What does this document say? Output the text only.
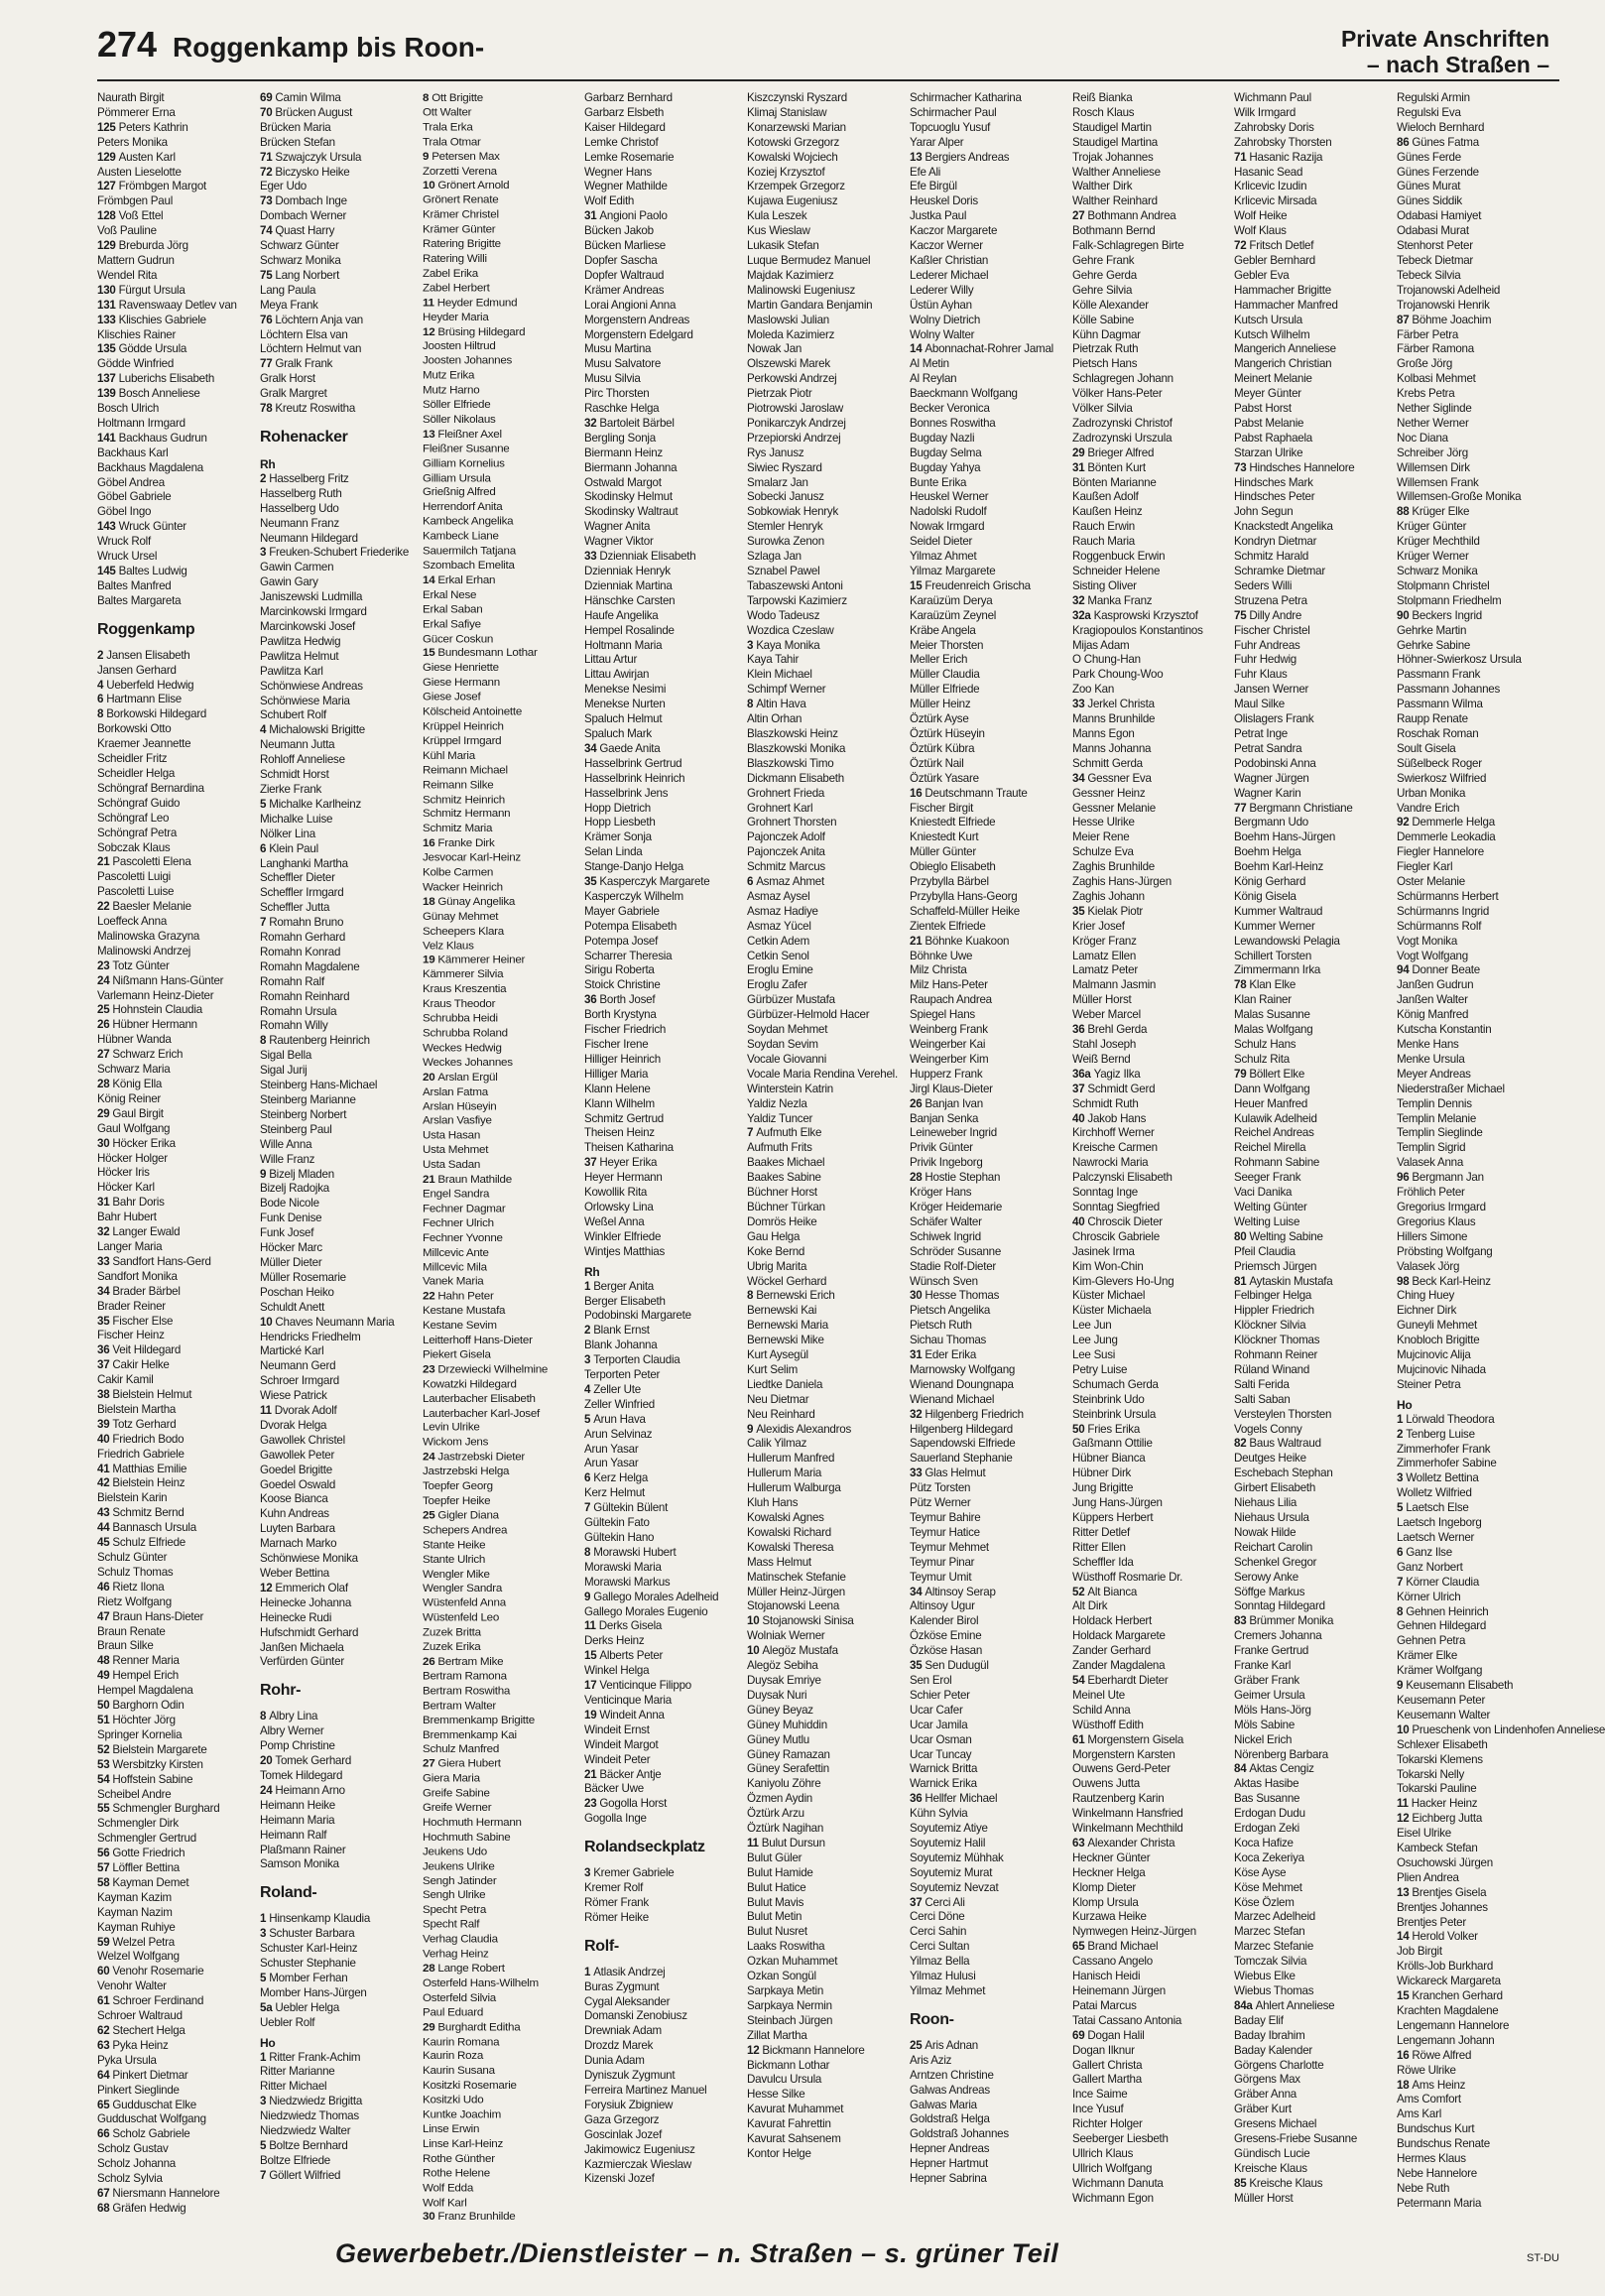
274 Roggenkamp bis Roon-	Private Anschriften
– nach Straßen –
Naurath Birgit
Pömmerer Erna
125 Peters Kathrin
Peters Monika
129 Austen Karl
Austen Lieselotte
127 Frömbgen Margot
Frömbgen Paul
128 Voß Ettel
Voß Pauline
129 Breburda Jörg
Mattern Gudrun
Wendel Rita
130 Fürgut Ursula
131 Ravenswaay Detlev van
133 Klischies Gabriele
Klischies Rainer
135 Gödde Ursula
Gödde Winfried
137 Luberichs Elisabeth
139 Bosch Anneliese
Bosch Ulrich
Holtmann Irmgard
141 Backhaus Gudrun
Backhaus Karl
Backhaus Magdalena
Göbel Andrea
Göbel Gabriele
Göbel Ingo
143 Wruck Günter
Wruck Rolf
Wruck Ursel
145 Baltes Ludwig
Baltes Manfred
Baltes Margareta
Roggenkamp
2 Jansen Elisabeth
Jansen Gerhard
4 Ueberfeld Hedwig
6 Hartmann Elise
8 Borkowski Hildegard
Borkowski Otto
Kraemer Jeannette
Scheidler Fritz
Scheidler Helga
Schöngraf Bernardina
Schöngraf Guido
Schöngraf Leo
Schöngraf Petra
Sobczak Klaus
21 Pascoletti Elena
Pascoletti Luigi
Pascoletti Luise
22 Baesler Melanie
Loeffeck Anna
Malinowska Grazyna
Malinowski Andrzej
23 Totz Günter
24 Nißmann Hans-Günter
Varlemann Heinz-Dieter
25 Hohnstein Claudia
26 Hübner Hermann
Hübner Wanda
27 Schwarz Erich
Schwarz Maria
28 König Ella
König Reiner
29 Gaul Birgit
Gaul Wolfgang
30 Höcker Erika
Höcker Holger
Höcker Iris
Höcker Karl
31 Bahr Doris
Bahr Hubert
32 Langer Ewald
Langer Maria
33 Sandfort Hans-Gerd
Sandfort Monika
34 Brader Bärbel
Brader Reiner
35 Fischer Else
Fischer Heinz
36 Veit Hildegard
37 Cakir Helke
Cakir Kamil
38 Bielstein Helmut
Bielstein Martha
39 Totz Gerhard
40 Friedrich Bodo
Friedrich Gabriele
41 Matthias Emilie
42 Bielstein Heinz
Bielstein Karin
43 Schmitz Bernd
44 Bannasch Ursula
45 Schulz Elfriede
Schulz Günter
Schulz Thomas
46 Rietz Ilona
Rietz Wolfgang
47 Braun Hans-Dieter
Braun Renate
Braun Silke
48 Renner Maria
49 Hempel Erich
Hempel Magdalena
50 Barghorn Odin
51 Höchter Jörg
Springer Kornelia
52 Bielstein Margarete
53 Wersbitzky Kirsten
54 Hoffstein Sabine
Scheibel Andre
55 Schmengler Burghard
Schmengler Dirk
Schmengler Gertrud
56 Gotte Friedrich
57 Löffler Bettina
58 Kayman Demet
Kayman Kazim
Kayman Nazim
Kayman Ruhiye
59 Welzel Petra
Welzel Wolfgang
60 Venohr Rosemarie
Venohr Walter
61 Schroer Ferdinand
Schroer Waltraud
62 Stechert Helga
63 Pyka Heinz
Pyka Ursula
64 Pinkert Dietmar
Pinkert Sieglinde
65 Gudduschat Elke
Gudduschat Wolfgang
66 Scholz Gabriele
Scholz Gustav
Scholz Johanna
Scholz Sylvia
67 Niersmann Hannelore
68 Gräfen Hedwig
69 Camin Wilma
70 Brücken August
Brücken Maria
Brücken Stefan
71 Szwajczyk Ursula
72 Biczysko Heike
Eger Udo
73 Dombach Inge
Dombach Werner
74 Quast Harry
Schwarz Günter
Schwarz Monika
75 Lang Norbert
Lang Paula
Meya Frank
76 Löchtern Anja van
Löchtern Elsa van
Löchtern Helmut van
77 Gralk Frank
Gralk Horst
Gralk Margret
78 Kreutz Roswitha
Rohenacker
Rh
2 Hasselberg Fritz
Hasselberg Ruth
Hasselberg Udo
Neumann Franz
Neumann Hildegard
3 Freuken-Schubert Friederike
Gawin Carmen
Gawin Gary
Janiszewski Ludmilla
Marcinkowski Irmgard
Marcinkowski Josef
Pawlitza Hedwig
Pawlitza Helmut
Pawlitza Karl
Schönwiese Andreas
Schönwiese Maria
Schubert Rolf
4 Michalowski Brigitte
Neumann Jutta
Rohloff Anneliese
Schmidt Horst
Zierke Frank
5 Michalke Karlheinz
Michalke Luise
Nölker Lina
6 Klein Paul
Langhanki Martha
Scheffler Dieter
Scheffler Irmgard
Scheffler Jutta
7 Romahn Bruno
Romahn Gerhard
Romahn Konrad
Romahn Magdalene
Romahn Ralf
Romahn Reinhard
Romahn Ursula
Romahn Willy
8 Rautenberg Heinrich
Sigal Bella
Sigal Jurij
Steinberg Hans-Michael
Steinberg Marianne
Steinberg Norbert
Steinberg Paul
Wille Anna
Wille Franz
9 Bizelj Mladen
Bizelj Radojka
Bode Nicole
Funk Denise
Funk Josef
Höcker Marc
Müller Dieter
Müller Rosemarie
Poschan Heiko
Schuldt Anett
10 Chaves Neumann Maria
Hendricks Friedhelm
Martické Karl
Neumann Gerd
Schroer Irmgard
Wiese Patrick
11 Dvorak Adolf
Dvorak Helga
Gawollek Christel
Gawollek Peter
Goedel Brigitte
Goedel Oswald
Koose Bianca
Kuhn Andreas
Luyten Barbara
Marnach Marko
Schönwiese Monika
Weber Bettina
12 Emmerich Olaf
Heinecke Johanna
Heinecke Rudi
Hufschmidt Gerhard
Janßen Michaela
Verfürden Günter
Rohr-
8 Albry Lina
Albry Werner
Pomp Christine
20 Tomek Gerhard
Tomek Hildegard
24 Heimann Arno
Heimann Heike
Heimann Maria
Heimann Ralf
Plaßmann Rainer
Samson Monika
Roland-
1 Hinsenkamp Klaudia
3 Schuster Barbara
Schuster Karl-Heinz
Schuster Stephanie
5 Momber Ferhan
Momber Hans-Jürgen
5a Uebler Helga
Uebler Rolf
Ho
1 Ritter Frank-Achim
Ritter Marianne
Ritter Michael
3 Niedzwiedz Brigitta
Niedzwiedz Thomas
Niedzwiedz Walter
5 Boltze Bernhard
Boltze Elfriede
7 Göllert Wilfried
8 Ott Brigitte
Ott Walter
Trala Erka
Trala Otmar
9 Petersen Max
Zorzetti Verena
10 Grönert Arnold
Grönert Renate
Krämer Christel
Krämer Günter
Ratering Brigitte
Ratering Willi
Zabel Erika
Zabel Herbert
11 Heyder Edmund
Heyder Maria
12 Brüsing Hildegard
Joosten Hiltrud
Joosten Johannes
Mutz Erika
Mutz Harno
Söller Elfriede
Söller Nikolaus
13 Fleißner Axel
Fleißner Susanne
Gilliam Kornelius
Gilliam Ursula
Grießnig Alfred
Herrendorf Anita
Kambeck Angelika
Kambeck Liane
Sauermilch Tatjana
Szombach Emelita
14 Erkal Erhan
Erkal Nese
Erkal Saban
Erkal Safiye
Gücer Coskun
15 Bundesmann Lothar
Giese Henriette
Giese Hermann
Giese Josef
Kölscheid Antoinette
Krüppel Heinrich
Krüppel Irmgard
Kühl Maria
Reimann Michael
Reimann Silke
Schmitz Heinrich
Schmitz Hermann
Schmitz Maria
16 Franke Dirk
Jesvocar Karl-Heinz
Kolbe Carmen
Wacker Heinrich
18 Günay Angelika
Günay Mehmet
Scheepers Klara
Velz Klaus
19 Kämmerer Heiner
Kämmerer Silvia
Kraus Kreszentia
Kraus Theodor
Schrubba Heidi
Schrubba Roland
Weckes Hedwig
Weckes Johannes
20 Arslan Ergül
Arslan Fatma
Arslan Hüseyin
Arslan Vasfiye
Usta Hasan
Usta Mehmet
Usta Sadan
21 Braun Mathilde
Engel Sandra
Fechner Dagmar
Fechner Ulrich
Fechner Yvonne
Millcevic Ante
Millcevic Mila
Vanek Maria
22 Hahn Peter
Kestane Mustafa
Kestane Sevim
Leitterhoff Hans-Dieter
Piekert Gisela
23 Drzewiecki Wilhelmine
Kowatzki Hildegard
Lauterbacher Elisabeth
Lauterbacher Karl-Josef
Levin Ulrike
Wickom Jens
24 Jastrzebski Dieter
Jastrzebski Helga
Toepfer Georg
Toepfer Heike
25 Gigler Diana
Schepers Andrea
Stante Heike
Stante Ulrich
Wengler Mike
Wengler Sandra
Wüstenfeld Anna
Wüstenfeld Leo
Zuzek Britta
Zuzek Erika
26 Bertram Mike
Bertram Ramona
Bertram Roswitha
Bertram Walter
Bremmenkamp Brigitte
Bremmenkamp Kai
Schulz Manfred
27 Giera Hubert
Giera Maria
Greife Sabine
Greife Werner
Hochmuth Hermann
Hochmuth Sabine
Jeukens Udo
Jeukens Ulrike
Sengh Jatinder
Sengh Ulrike
Specht Petra
Specht Ralf
Verhag Claudia
Verhag Heinz
28 Lange Robert
Osterfeld Hans-Wilhelm
Osterfeld Silvia
Paul Eduard
29 Burghardt Editha
Kaurin Romana
Kaurin Roza
Kaurin Susana
Kositzki Rosemarie
Kositzki Udo
Kuntke Joachim
Linse Erwin
Linse Karl-Heinz
Rothe Günther
Rothe Helene
Wolf Edda
Wolf Karl
30 Franz Brunhilde
Garbarz Bernhard
Garbarz Elsbeth
Kaiser Hildegard
Lemke Christof
Lemke Rosemarie
Wegner Hans
Wegner Mathilde
Wolf Edith
31 Angioni Paolo
Bücken Jakob
Bücken Marliese
Dopfer Sascha
Dopfer Waltraud
Krämer Andreas
Lorai Angioni Anna
Morgenstern Andreas
Morgenstern Edelgard
Musu Martina
Musu Salvatore
Musu Silvia
Pirc Thorsten
Raschke Helga
32 Bartoleit Bärbel
Bergling Sonja
Biermann Heinz
Biermann Johanna
Ostwald Margot
Skodinsky Helmut
Skodinsky Waltraut
Wagner Anita
Wagner Viktor
33 Dzienniak Elisabeth
Dzienniak Henryk
Dzienniak Martina
Hänschke Carsten
Haufe Angelika
Hempel Rosalinde
Holtmann Maria
Littau Artur
Littau Awirjan
Menekse Nesimi
Menekse Nurten
Spaluch Helmut
Spaluch Mark
34 Gaede Anita
Hasselbrink Gertrud
Hasselbrink Heinrich
Hasselbrink Jens
Hopp Dietrich
Hopp Liesbeth
Krämer Sonja
Selan Linda
Stange-Danjo Helga
35 Kasperczyk Margarete
Kasperczyk Wilhelm
Mayer Gabriele
Potempa Elisabeth
Potempa Josef
Scharrer Theresia
Sirigu Roberta
Stoick Christine
36 Borth Josef
Borth Krystyna
Fischer Friedrich
Fischer Irene
Hilliger Heinrich
Hilliger Maria
Klann Helene
Klann Wilhelm
Schmitz Gertrud
Theisen Heinz
Theisen Katharina
37 Heyer Erika
Heyer Hermann
Kowollik Rita
Orlowsky Lina
Weßel Anna
Winkler Elfriede
Wintjes Matthias
Rh
1 Berger Anita
Berger Elisabeth
Podobinski Margarete
2 Blank Ernst
Blank Johanna
3 Terporten Claudia
Terporten Peter
4 Zeller Ute
Zeller Winfried
5 Arun Hava
Arun Selvinaz
Arun Yasar
Arun Yasar
6 Kerz Helga
Kerz Helmut
7 Gültekin Bülent
Gültekin Fato
Gültekin Hano
8 Morawski Hubert
Morawski Maria
Morawski Markus
9 Gallego Morales Adelheid
Gallego Morales Eugenio
11 Derks Gisela
Derks Heinz
15 Alberts Peter
Winkel Helga
17 Venticinque Filippo
Venticinque Maria
19 Windeit Anna
Windeit Ernst
Windeit Margot
Windeit Peter
21 Bäcker Antje
Bäcker Uwe
23 Gogolla Horst
Gogolla Inge
Rolandseckplatz
3 Kremer Gabriele
Kremer Rolf
Römer Frank
Römer Heike
Rolf-
1 Atlasik Andrzej
Buras Zygmunt
Cygal Aleksander
Domanski Zenobiusz
Drewniak Adam
Drozdz Marek
Dunia Adam
Dyniszuk Zygmunt
Ferreira Martinez Manuel
Forysiuk Zbigniew
Gaza Grzegorz
Goscinlak Jozef
Jakimowicz Eugeniusz
Kazmierczak Wieslaw
Kizenski Jozef
Kiszczynski Ryszard
Klimaj Stanislaw
Konarzewski Marian
Kotowski Grzegorz
Kowalski Wojciech
Koziej Krzysztof
Krzempek Grzegorz
Kujawa Eugeniusz
Kula Leszek
Kus Wieslaw
Lukasik Stefan
Luque Bermudez Manuel
Majdak Kazimierz
Malinowski Eugeniusz
Martin Gandara Benjamin
Maslowski Julian
Moleda Kazimierz
Nowak Jan
Olszewski Marek
Perkowski Andrzej
Pietrzak Piotr
Piotrowski Jaroslaw
Ponikarczyk Andrzej
Przepiorski Andrzej
Rys Janusz
Siwiec Ryszard
Smalarz Jan
Sobecki Janusz
Sobkowiak Henryk
Stemler Henryk
Surowka Zenon
Szlaga Jan
Sznabel Pawel
Tabaszewski Antoni
Tarpowski Kazimierz
Wodo Tadeusz
Wozdica Czeslaw
3 Kaya Monika
Kaya Tahir
Klein Michael
Schimpf Werner
8 Altin Hava
Altin Orhan
Blaszkowski Heinz
Blaszkowski Monika
Blaszkowski Timo
Dickmann Elisabeth
Grohnert Frieda
Grohnert Karl
Grohnert Thorsten
Pajonczek Adolf
Pajonczek Anita
Schmitz Marcus
6 Asmaz Ahmet
Asmaz Aysel
Asmaz Hadiye
Asmaz Yücel
Cetkin Adem
Cetkin Senol
Eroglu Emine
Eroglu Zafer
Gürbüzer Mustafa
Gürbüzer-Helmold Hacer
Soydan Mehmet
Soydan Sevim
Vocale Giovanni
Vocale Maria Rendina Verehel.
Winterstein Katrin
Yaldiz Nezla
Yaldiz Tuncer
7 Aufmuth Elke
Aufmuth Frits
Baakes Michael
Baakes Sabine
Büchner Horst
Büchner Türkan
Domrös Heike
Gau Helga
Koke Bernd
Ubrig Marita
Wöckel Gerhard
8 Bernewski Erich
Bernewski Kai
Bernewski Maria
Bernewski Mike
Kurt Aysegül
Kurt Selim
Liedtke Daniela
Neu Dietmar
Neu Reinhard
9 Alexidis Alexandros
Calik Yilmaz
Hullerum Manfred
Hullerum Maria
Hullerum Walburga
Kluh Hans
Kowalski Agnes
Kowalski Richard
Kowalski Theresa
Mass Helmut
Matinschek Stefanie
Müller Heinz-Jürgen
Stojanowski Leena
10 Stojanowski Sinisa
Wolniak Werner
10 Alegöz Mustafa
Alegöz Sebiha
Duysak Emriye
Duysak Nuri
Güney Beyaz
Güney Muhiddin
Güney Mutlu
Güney Ramazan
Güney Serafettin
Kaniyolu Zöhre
Özmen Aydin
Öztürk Arzu
Öztürk Nagihan
11 Bulut Dursun
Bulut Güler
Bulut Hamide
Bulut Hatice
Bulut Mavis
Bulut Metin
Bulut Nusret
Laaks Roswitha
Ozkan Muhammet
Ozkan Songül
Sarpkaya Metin
Sarpkaya Nermin
Steinbach Jürgen
Zillat Martha
12 Bickmann Hannelore
Bickmann Lothar
Davulcu Ursula
Hesse Silke
Kavurat Muhammet
Kavurat Fahrettin
Kavurat Sahsenem
Kontor Helge
Schirmacher Katharina
Schirmacher Paul
Topcuoglu Yusuf
Yarar Alper
13 Bergiers Andreas
Efe Ali
Efe Birgül
Heuskel Doris
Justka Paul
Kaczor Margarete
Kaczor Werner
Kaßler Christian
Lederer Michael
Lederer Willy
Üstün Ayhan
Wolny Dietrich
Wolny Walter
14 Abonnachat-Rohrer Jamal
Al Metin
Al Reylan
Baeckmann Wolfgang
Becker Veronica
Bonnes Roswitha
Bugday Nazli
Bugday Selma
Bugday Yahya
Bunte Erika
Heuskel Werner
Nadolski Rudolf
Nowak Irmgard
Seidel Dieter
Yilmaz Ahmet
Yilmaz Margarete
15 Freudenreich Grischa
Karaüzüm Derya
Karaüzüm Zeynel
Kräbe Angela
Meier Thorsten
Meller Erich
Müller Claudia
Müller Elfriede
Müller Heinz
Öztürk Ayse
Öztürk Hüseyin
Öztürk Kübra
Öztürk Nail
Öztürk Yasare
16 Deutschmann Traute
Fischer Birgit
Kniestedt Elfriede
Kniestedt Kurt
Müller Günter
Obieglo Elisabeth
Przybylla Bärbel
Przybylla Hans-Georg
Schaffeld-Müller Heike
Zientek Elfriede
21 Böhnke Kuakoon
Böhnke Uwe
Milz Christa
Milz Hans-Peter
Raupach Andrea
Spiegel Hans
Weinberg Frank
Weingerber Kai
Weingerber Kim
Hupperz Frank
Jirgl Klaus-Dieter
26 Banjan Ivan
Banjan Senka
Leineweber Ingrid
Privik Günter
Privik Ingeborg
28 Hostie Stephan
Kröger Hans
Kröger Heidemarie
Schäfer Walter
Schiwek Ingrid
Schröder Susanne
Stadie Rolf-Dieter
Wünsch Sven
30 Hesse Thomas
Pietsch Angelika
Pietsch Ruth
Sichau Thomas
31 Eder Erika
Marnowsky Wolfgang
Wienand Doungnapa
Wienand Michael
32 Hilgenberg Friedrich
Hilgenberg Hildegard
Sapendowski Elfriede
Sauerland Stephanie
33 Glas Helmut
Pütz Torsten
Pütz Werner
Teymur Bahire
Teymur Hatice
Teymur Mehmet
Teymur Pinar
Teymur Umit
34 Altinsoy Serap
Altinsoy Ugur
Kalender Birol
Özköse Emine
Özköse Hasan
35 Sen Dudugül
Sen Erol
Schier Peter
Ucar Cafer
Ucar Jamila
Ucar Osman
Ucar Tuncay
Warnick Britta
Warnick Erika
36 Hellfer Michael
Kühn Sylvia
Soyutemiz Atiye
Soyutemiz Halil
Soyutemiz Mühhak
Soyutemiz Murat
Soyutemiz Nevzat
37 Cerci Ali
Cerci Döne
Cerci Sahin
Cerci Sultan
Yilmaz Bella
Yilmaz Hulusi
Yilmaz Mehmet
Roon-
25 Aris Adnan
Aris Aziz
Arntzen Christine
Galwas Andreas
Galwas Maria
Goldstraß Helga
Goldstraß Johannes
Hepner Andreas
Hepner Hartmut
Hepner Sabrina
Reiß Bianka
Rosch Klaus
Staudigel Martin
Staudigel Martina
Trojak Johannes
Walther Anneliese
Walther Dirk
Walther Reinhard
27 Bothmann Andrea
Bothmann Bernd
Falk-Schlagregen Birte
Gehre Frank
Gehre Gerda
Gehre Silvia
Kölle Alexander
Kölle Sabine
Kühn Dagmar
Pietrzak Ruth
Pietsch Hans
Schlagregen Johann
Völker Hans-Peter
Völker Silvia
Zadrozynski Christof
Zadrozynski Urszula
29 Brieger Alfred
31 Bönten Kurt
Bönten Marianne
Kaußen Adolf
Kaußen Heinz
Rauch Erwin
Rauch Maria
Roggenbuck Erwin
Schneider Helene
Sisting Oliver
32 Manka Franz
32a Kasprowski Krzysztof
Kragiopoulos Konstantinos
Mijas Adam
O Chung-Han
Park Choung-Woo
Zoo Kan
33 Jerkel Christa
Manns Brunhilde
Manns Egon
Manns Johanna
Schmitt Gerda
34 Gessner Eva
Gessner Heinz
Gessner Melanie
Hesse Ulrike
Meier Rene
Schulze Eva
Zaghis Brunhilde
Zaghis Hans-Jürgen
Zaghis Johann
35 Kielak Piotr
Krier Josef
Kröger Franz
Lamatz Ellen
Lamatz Peter
Malmann Jasmin
Müller Horst
Weber Marcel
36 Brehl Gerda
Stahl Joseph
Weiß Bernd
36a Yagiz Ilka
37 Schmidt Gerd
Schmidt Ruth
40 Jakob Hans
Kirchhoff Werner
Kreische Carmen
Nawrocki Maria
Palczynski Elisabeth
Sonntag Inge
Sonntag Siegfried
40 Chroscik Dieter
Chroscik Gabriele
Jasinek Irma
Kim Won-Chin
Kim-Glevers Ho-Ung
Küster Michael
Küster Michaela
Lee Jun
Lee Jung
Lee Susi
Petry Luise
Schumach Gerda
Steinbrink Udo
Steinbrink Ursula
50 Fries Erika
Gaßmann Ottilie
Hübner Bianca
Hübner Dirk
Jung Brigitte
Jung Hans-Jürgen
Küppers Herbert
Ritter Detlef
Ritter Ellen
Scheffler Ida
Wüsthoff Rosmarie Dr.
52 Alt Bianca
Alt Dirk
Holdack Herbert
Holdack Margarete
Zander Gerhard
Zander Magdalena
54 Eberhardt Dieter
Meinel Ute
Schild Anna
Wüsthoff Edith
61 Morgenstern Gisela
Morgenstern Karsten
Ouwens Gerd-Peter
Ouwens Jutta
Rautzenberg Karin
Winkelmann Hansfried
Winkelmann Mechthild
63 Alexander Christa
Heckner Günter
Heckner Helga
Klomp Dieter
Klomp Ursula
Kurzawa Heike
Nymwegen Heinz-Jürgen
65 Brand Michael
Cassano Angelo
Hanisch Heidi
Heinemann Jürgen
Patai Marcus
Tatai Cassano Antonia
69 Dogan Halil
Dogan Ilknur
Gallert Christa
Gallert Martha
Ince Saime
Ince Yusuf
Richter Holger
Seeberger Liesbeth
Ullrich Klaus
Ullrich Wolfgang
Wichmann Danuta
Wichmann Egon
Wichmann Paul
Wilk Irmgard
Zahrobsky Doris
Zahrobsky Thorsten
71 Hasanic Razija
Hasanic Sead
Krlicevic Izudin
Krlicevic Mirsada
Wolf Heike
Wolf Klaus
72 Fritsch Detlef
Gebler Bernhard
Gebler Eva
Hammacher Brigitte
Hammacher Manfred
Kutsch Ursula
Kutsch Wilhelm
Mangerich Anneliese
Mangerich Christian
Meinert Melanie
Meyer Günter
Pabst Horst
Pabst Melanie
Pabst Raphaela
Starzan Ulrike
73 Hindsches Hannelore
Hindsches Mark
Hindsches Peter
John Segun
Knackstedt Angelika
Kondryn Dietmar
Schmitz Harald
Schramke Dietmar
Seders Willi
Struzena Petra
75 Dilly Andre
Fischer Christel
Fuhr Andreas
Fuhr Hedwig
Fuhr Klaus
Jansen Werner
Maul Silke
Olislagers Frank
Petrat Inge
Petrat Sandra
Podobinski Anna
Wagner Jürgen
Wagner Karin
77 Bergmann Christiane
Bergmann Udo
Boehm Hans-Jürgen
Boehm Helga
Boehm Karl-Heinz
König Gerhard
König Gisela
Kummer Waltraud
Kummer Werner
Lewandowski Pelagia
Schillert Torsten
Zimmermann Irka
78 Klan Elke
Klan Rainer
Malas Susanne
Malas Wolfgang
Schulz Hans
Schulz Rita
79 Böllert Elke
Dann Wolfgang
Heuer Manfred
Kulawik Adelheid
Reichel Andreas
Reichel Mirella
Rohmann Sabine
Seeger Frank
Vaci Danika
Welting Günter
Welting Luise
80 Welting Sabine
Pfeil Claudia
Priemsch Jürgen
81 Aytaskin Mustafa
Felbinger Helga
Hippler Friedrich
Klöckner Silvia
Klöckner Thomas
Rohmann Reiner
Rüland Winand
Salti Ferida
Salti Saban
Versteylen Thorsten
Vogels Conny
82 Baus Waltraud
Deutges Heike
Eschebach Stephan
Girbert Elisabeth
Niehaus Lilia
Niehaus Ursula
Nowak Hilde
Reichart Carolin
Schenkel Gregor
Serowy Anke
Söffge Markus
Sonntag Hildegard
83 Brümmer Monika
Cremers Johanna
Franke Gertrud
Franke Karl
Gräber Frank
Geimer Ursula
Möls Hans-Jörg
Möls Sabine
Nickel Erich
Nörenberg Barbara
84 Aktas Cengiz
Aktas Hasibe
Bas Susanne
Erdogan Dudu
Erdogan Zeki
Koca Hafize
Koca Zekeriya
Köse Ayse
Köse Mehmet
Köse Özlem
Marzec Adelheid
Marzec Stefan
Marzec Stefanie
Tomczak Silvia
Wiebus Elke
Wiebus Thomas
84a Ahlert Anneliese
Baday Elif
Baday Ibrahim
Baday Kalender
Görgens Charlotte
Görgens Max
Gräber Anna
Gräber Kurt
Gresens Michael
Gresens-Friebe Susanne
Gündisch Lucie
Kreische Klaus
85 Kreische Klaus
Müller Horst
Regulski Armin
Regulski Eva
Wieloch Bernhard
86 Günes Fatma
Günes Ferde
Günes Ferzende
Günes Murat
Günes Siddik
Odabasi Hamiyet
Odabasi Murat
Stenhorst Peter
Tebeck Dietmar
Tebeck Silvia
Trojanowski Adelheid
Trojanowski Henrik
87 Böhme Joachim
Färber Petra
Färber Ramona
Große Jörg
Kolbasi Mehmet
Krebs Petra
Nether Siglinde
Nether Werner
Noc Diana
Schreiber Jörg
Willemsen Dirk
Willemsen Frank
Willemsen-Große Monika
88 Krüger Elke
Krüger Günter
Krüger Mechthild
Krüger Werner
Schwarz Monika
Stolpmann Christel
Stolpmann Friedhelm
90 Beckers Ingrid
Gehrke Martin
Gehrke Sabine
Höhner-Swierkosz Ursula
Passmann Frank
Passmann Johannes
Passmann Wilma
Raupp Renate
Roschak Roman
Soult Gisela
Süßelbeck Roger
Swierkosz Wilfried
Urban Monika
Vandre Erich
92 Demmerle Helga
Demmerle Leokadia
Fiegler Hannelore
Fiegler Karl
Oster Melanie
Schürmanns Herbert
Schürmanns Ingrid
Schürmanns Rolf
Vogt Monika
Vogt Wolfgang
94 Donner Beate
Janßen Gudrun
Janßen Walter
König Manfred
Kutscha Konstantin
Menke Hans
Menke Ursula
Meyer Andreas
Niederstraßer Michael
Templin Dennis
Templin Melanie
Templin Sieglinde
Templin Sigrid
Valasek Anna
96 Bergmann Jan
Fröhlich Peter
Gregorius Irmgard
Gregorius Klaus
Hillers Simone
Pröbsting Wolfgang
Valasek Jörg
98 Beck Karl-Heinz
Ching Huey
Eichner Dirk
Guneyli Mehmet
Knobloch Brigitte
Mujcinovic Alija
Mujcinovic Nihada
Steiner Petra
Ho
1 Lörwald Theodora
2 Tenberg Luise
Zimmerhofer Frank
Zimmerhofer Sabine
3 Wolletz Bettina
Wolletz Wilfried
5 Laetsch Else
Laetsch Ingeborg
Laetsch Werner
6 Ganz Ilse
Ganz Norbert
7 Körner Claudia
Körner Ulrich
8 Gehnen Heinrich
Gehnen Hildegard
Gehnen Petra
Krämer Elke
Krämer Wolfgang
9 Keusemann Elisabeth
Keusemann Peter
Keusemann Walter
10 Prueschenk von Lindenhofen Anneliese
Schlexer Elisabeth
Tokarski Klemens
Tokarski Nelly
Tokarski Pauline
11 Hacker Heinz
12 Eichberg Jutta
Eisel Ulrike
Kambeck Stefan
Osuchowski Jürgen
Plien Andrea
13 Brentjes Gisela
Brentjes Johannes
Brentjes Peter
14 Herold Volker
Job Birgit
Krölls-Job Burkhard
Wickareck Margareta
15 Kranchen Gerhard
Krachten Magdalene
Lengemann Hannelore
Lengemann Johann
16 Röwe Alfred
Röwe Ulrike
18 Ams Heinz
Ams Comfort
Ams Karl
Bundschus Kurt
Bundschus Renate
Hermes Klaus
Nebe Hannelore
Nebe Ruth
Petermann Maria
Gewerbebetr./Dienstleister – n. Straßen – s. grüner Teil	ST-DU
